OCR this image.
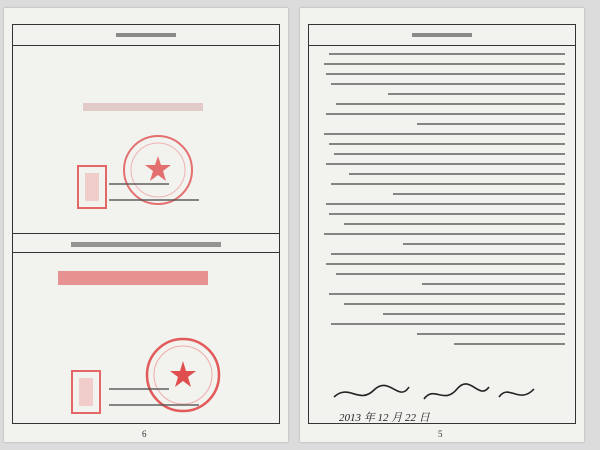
6
2013 年 12 月 22 日
5
